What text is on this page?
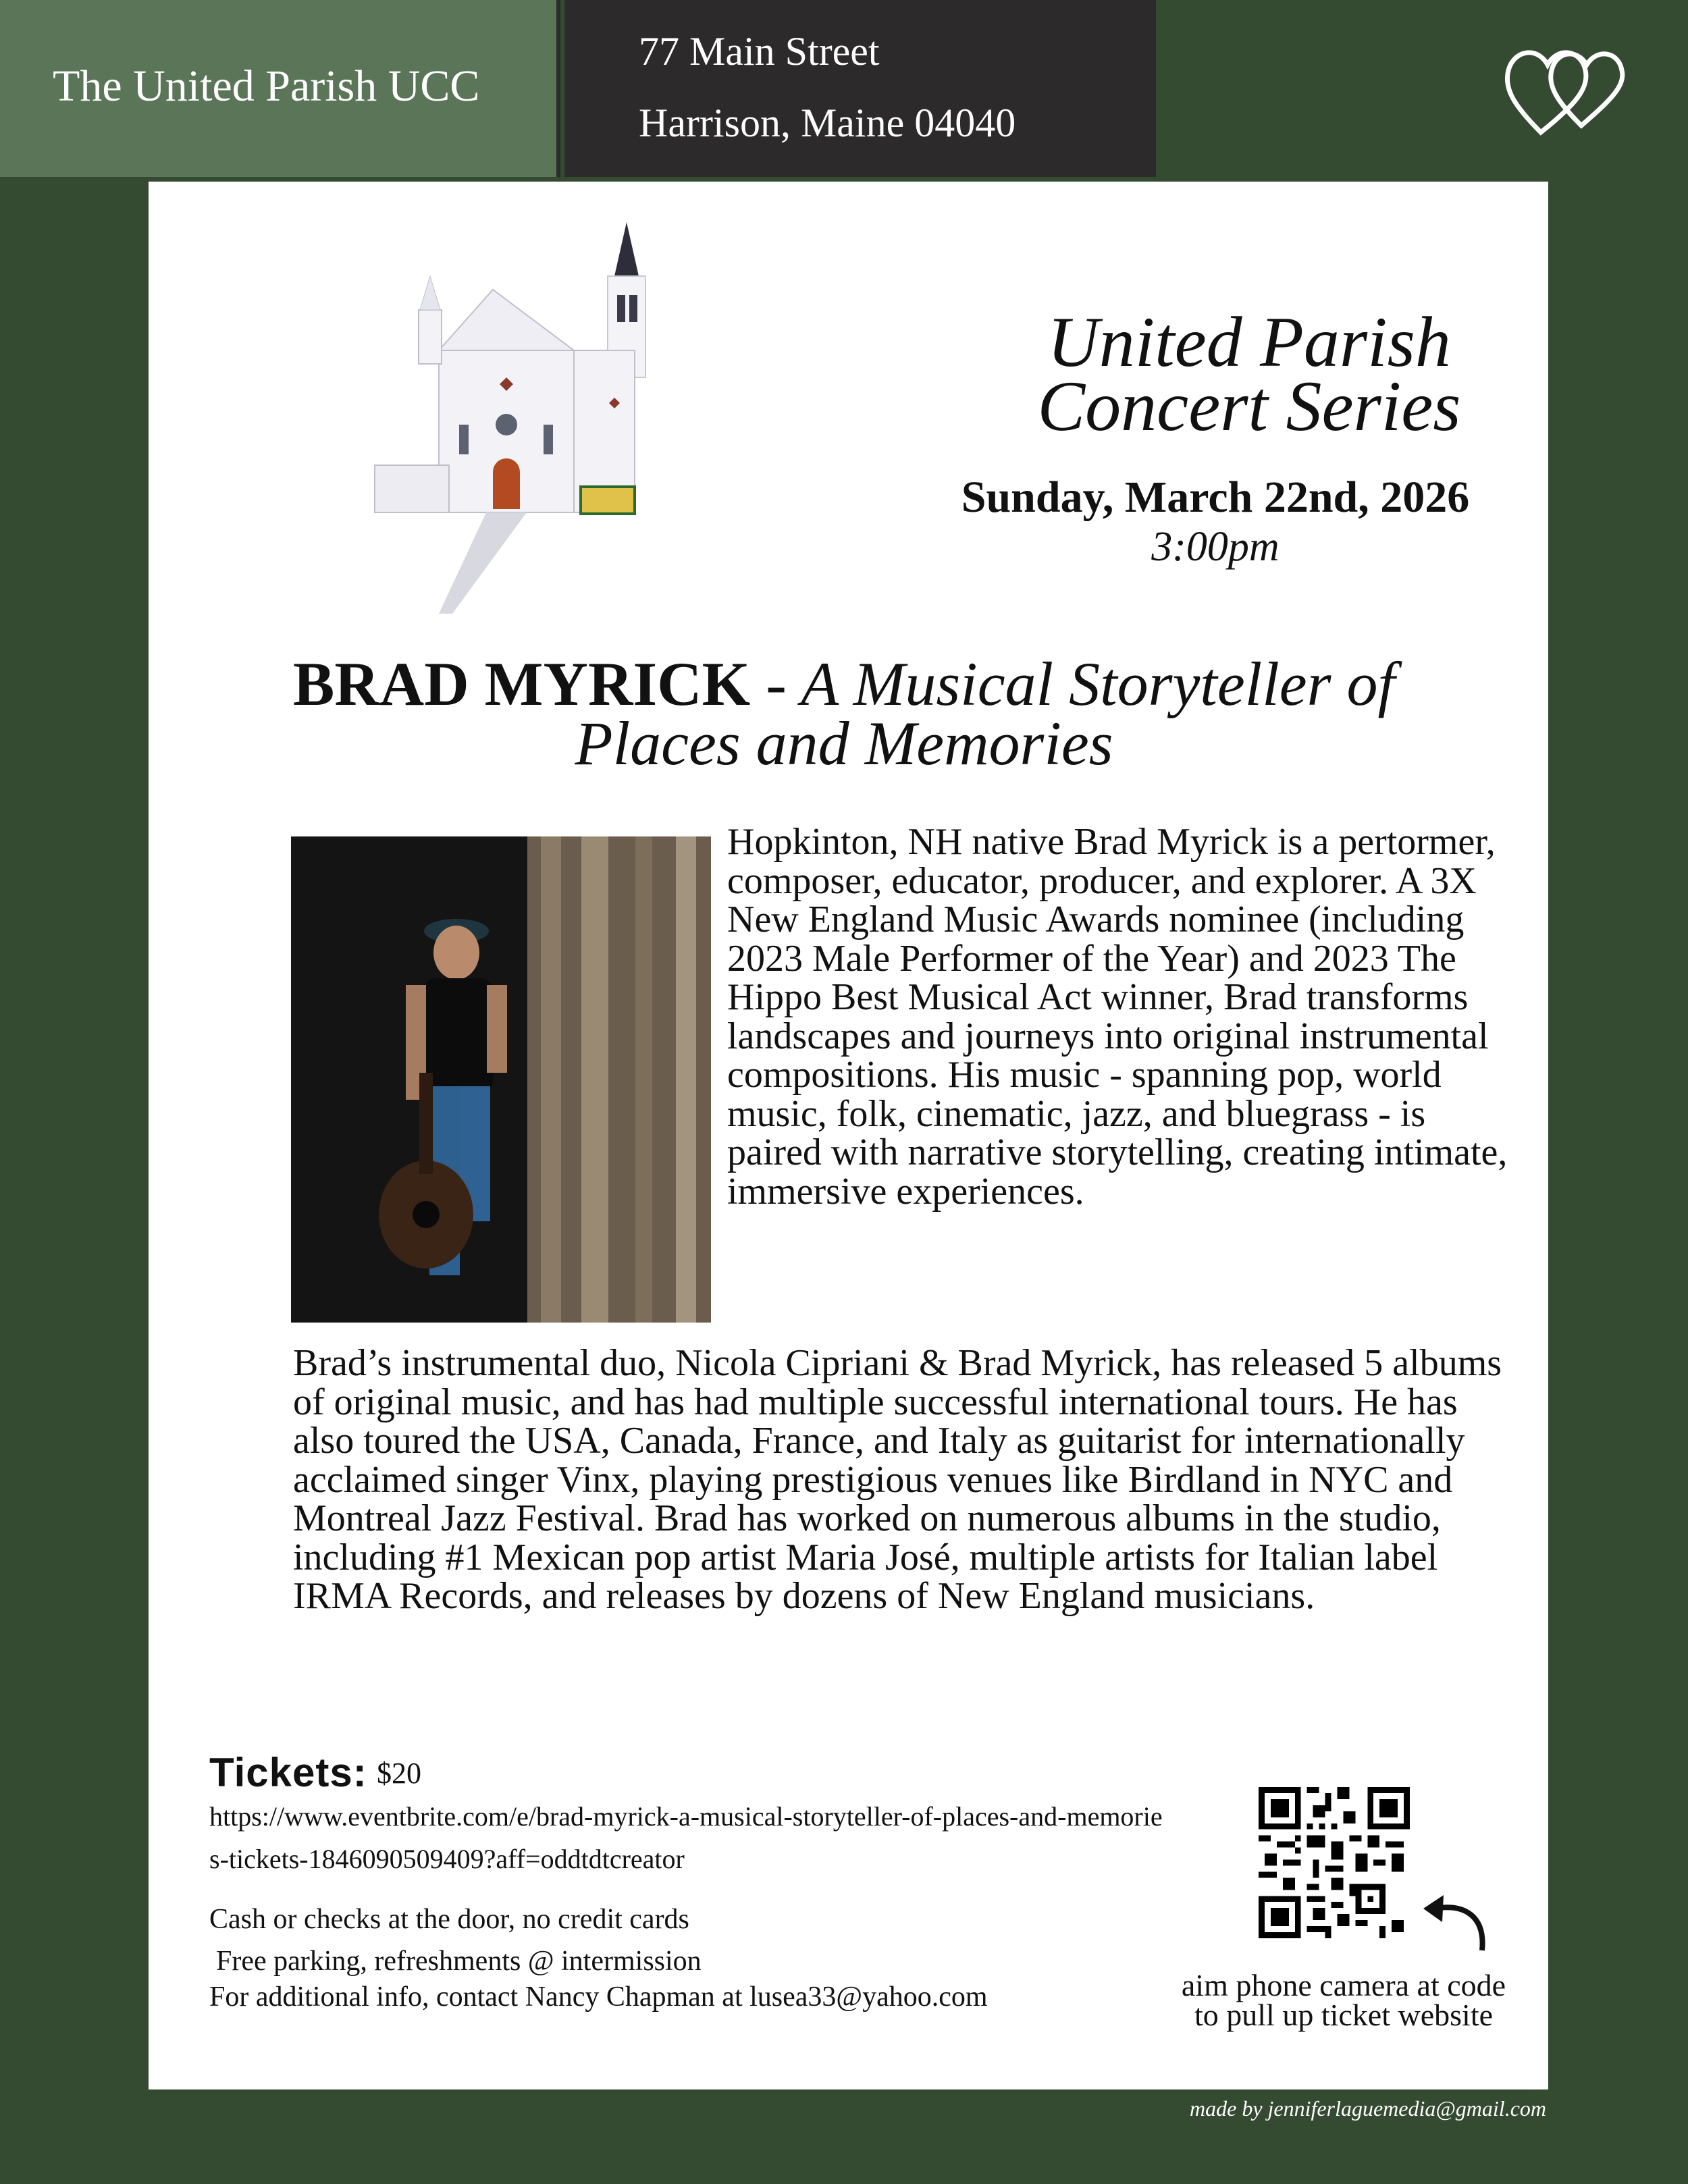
The United Parish UCC
77 Main Street
Harrison, Maine 04040
United Parish
Concert Series
Sunday, March 22nd, 2026
3:00pm
BRAD MYRICK - A Musical Storyteller of Places and Memories
Hopkinton, NH native Brad Myrick is a pertormer, composer, educator, producer, and explorer. A 3X New England Music Awards nominee (including 2023 Male Performer of the Year) and 2023 The Hippo Best Musical Act winner, Brad transforms landscapes and journeys into original instrumental compositions. His music - spanning pop, world music, folk, cinematic, jazz, and bluegrass - is paired with narrative storytelling, creating intimate, immersive experiences.
Brad’s instrumental duo, Nicola Cipriani & Brad Myrick, has released 5 albums of original music, and has had multiple successful international tours. He has also toured the USA, Canada, France, and Italy as guitarist for internationally acclaimed singer Vinx, playing prestigious venues like Birdland in NYC and Montreal Jazz Festival. Brad has worked on numerous albums in the studio, including #1 Mexican pop artist Maria José, multiple artists for Italian label IRMA Records, and releases by dozens of New England musicians.
Tickets: $20
https://www.eventbrite.com/e/brad-myrick-a-musical-storyteller-of-places-and-memories-tickets-1846090509409?aff=oddtdtcreator
Cash or checks at the door, no credit cards
Free parking, refreshments @ intermission
For additional info, contact Nancy Chapman at lusea33@yahoo.com	aim phone camera at code
to pull up ticket website
made by jenniferlaguemedia@gmail.com
